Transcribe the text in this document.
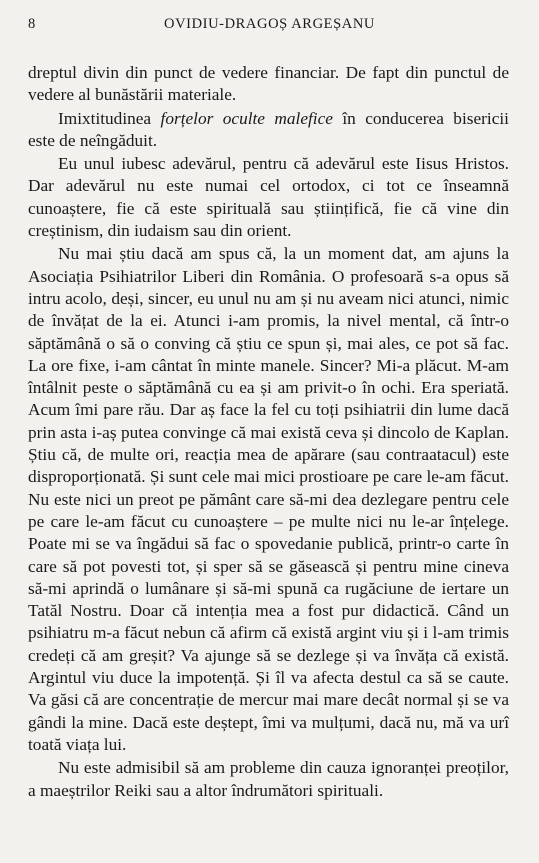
8	OVIDIU-DRAGOȘ ARGEȘANU

dreptul divin din punct de vedere financiar. De fapt din punctul de vedere al bunăstării materiale.

Imixtitudinea forțelor oculte malefice în conducerea bisericii este de neîngăduit.

Eu unul iubesc adevărul, pentru că adevărul este Iisus Hristos. Dar adevărul nu este numai cel ortodox, ci tot ce înseamnă cunoaștere, fie că este spirituală sau științifică, fie că vine din creștinism, din iudaism sau din orient.

Nu mai știu dacă am spus că, la un moment dat, am ajuns la Asociația Psihiatrilor Liberi din România. O profesoară s-a opus să intru acolo, deși, sincer, eu unul nu am și nu aveam nici atunci, nimic de învățat de la ei. Atunci i-am promis, la nivel mental, că într-o săptămână o să o conving că știu ce spun și, mai ales, ce pot să fac. La ore fixe, i-am cântat în minte manele. Sincer? Mi-a plăcut. M-am întâlnit peste o săptămână cu ea și am privit-o în ochi. Era speriată. Acum îmi pare rău. Dar aș face la fel cu toți psihiatrii din lume dacă prin asta i-aș putea convinge că mai există ceva și dincolo de Kaplan. Știu că, de multe ori, reacția mea de apărare (sau contraatacul) este disproporționată. Și sunt cele mai mici prostioare pe care le-am făcut. Nu este nici un preot pe pământ care să-mi dea dezlegare pentru cele pe care le-am făcut cu cunoaștere – pe multe nici nu le-ar înțelege. Poate mi se va îngădui să fac o spovedanie publică, printr-o carte în care să pot povesti tot, și sper să se găsească și pentru mine cineva să-mi aprindă o lumânare și să-mi spună ca rugăciune de iertare un Tatăl Nostru. Doar că intenția mea a fost pur didactică. Când un psihiatru m-a făcut nebun că afirm că există argint viu și i l-am trimis credeți că am greșit? Va ajunge să se dezlege și va învăța că există. Argintul viu duce la impotență. Și îl va afecta destul ca să se caute. Va găsi că are concentrație de mercur mai mare decât normal și se va gândi la mine. Dacă este deștept, îmi va mulțumi, dacă nu, mă va urî toată viața lui.

Nu este admisibil să am probleme din cauza ignoranței preoților, a maeștrilor Reiki sau a altor îndrumători spirituali.
